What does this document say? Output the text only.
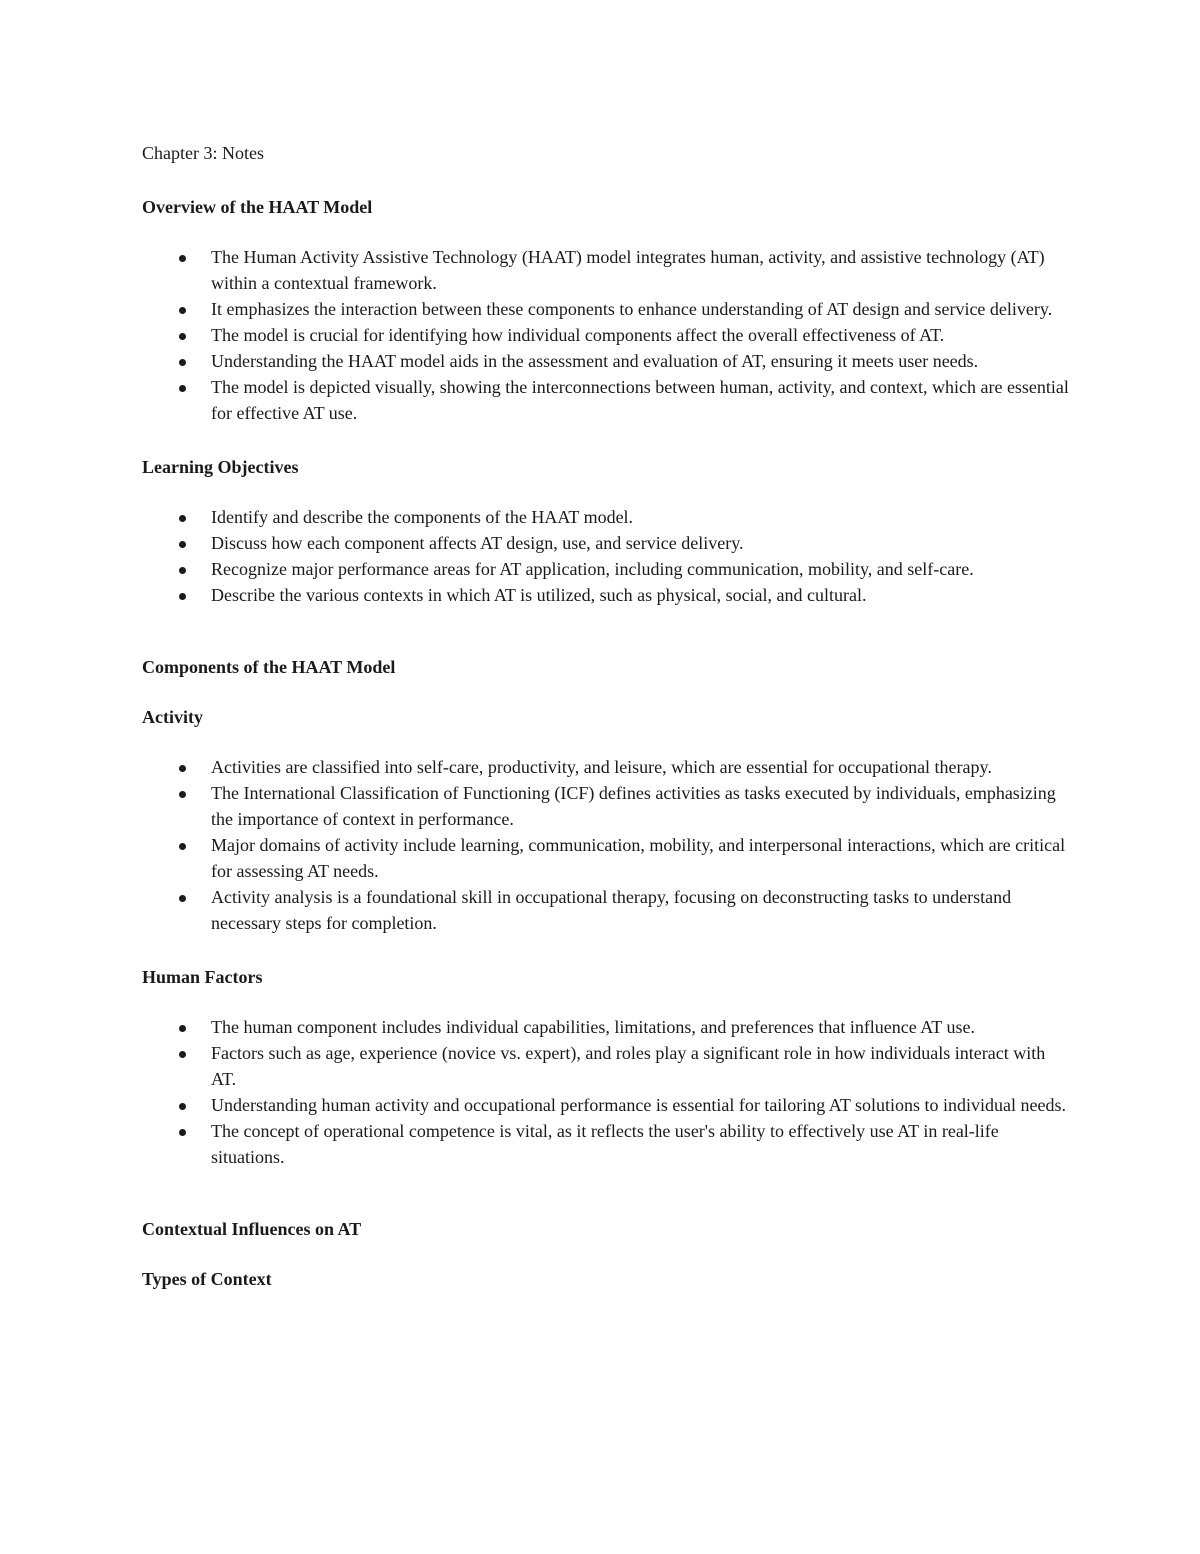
Chapter 3: Notes
Overview of the HAAT Model
The Human Activity Assistive Technology (HAAT) model integrates human, activity, and assistive technology (AT) within a contextual framework.
It emphasizes the interaction between these components to enhance understanding of AT design and service delivery.
The model is crucial for identifying how individual components affect the overall effectiveness of AT.
Understanding the HAAT model aids in the assessment and evaluation of AT, ensuring it meets user needs.
The model is depicted visually, showing the interconnections between human, activity, and context, which are essential for effective AT use.
Learning Objectives
Identify and describe the components of the HAAT model.
Discuss how each component affects AT design, use, and service delivery.
Recognize major performance areas for AT application, including communication, mobility, and self-care.
Describe the various contexts in which AT is utilized, such as physical, social, and cultural.
Components of the HAAT Model
Activity
Activities are classified into self-care, productivity, and leisure, which are essential for occupational therapy.
The International Classification of Functioning (ICF) defines activities as tasks executed by individuals, emphasizing the importance of context in performance.
Major domains of activity include learning, communication, mobility, and interpersonal interactions, which are critical for assessing AT needs.
Activity analysis is a foundational skill in occupational therapy, focusing on deconstructing tasks to understand necessary steps for completion.
Human Factors
The human component includes individual capabilities, limitations, and preferences that influence AT use.
Factors such as age, experience (novice vs. expert), and roles play a significant role in how individuals interact with AT.
Understanding human activity and occupational performance is essential for tailoring AT solutions to individual needs.
The concept of operational competence is vital, as it reflects the user's ability to effectively use AT in real-life situations.
Contextual Influences on AT
Types of Context
